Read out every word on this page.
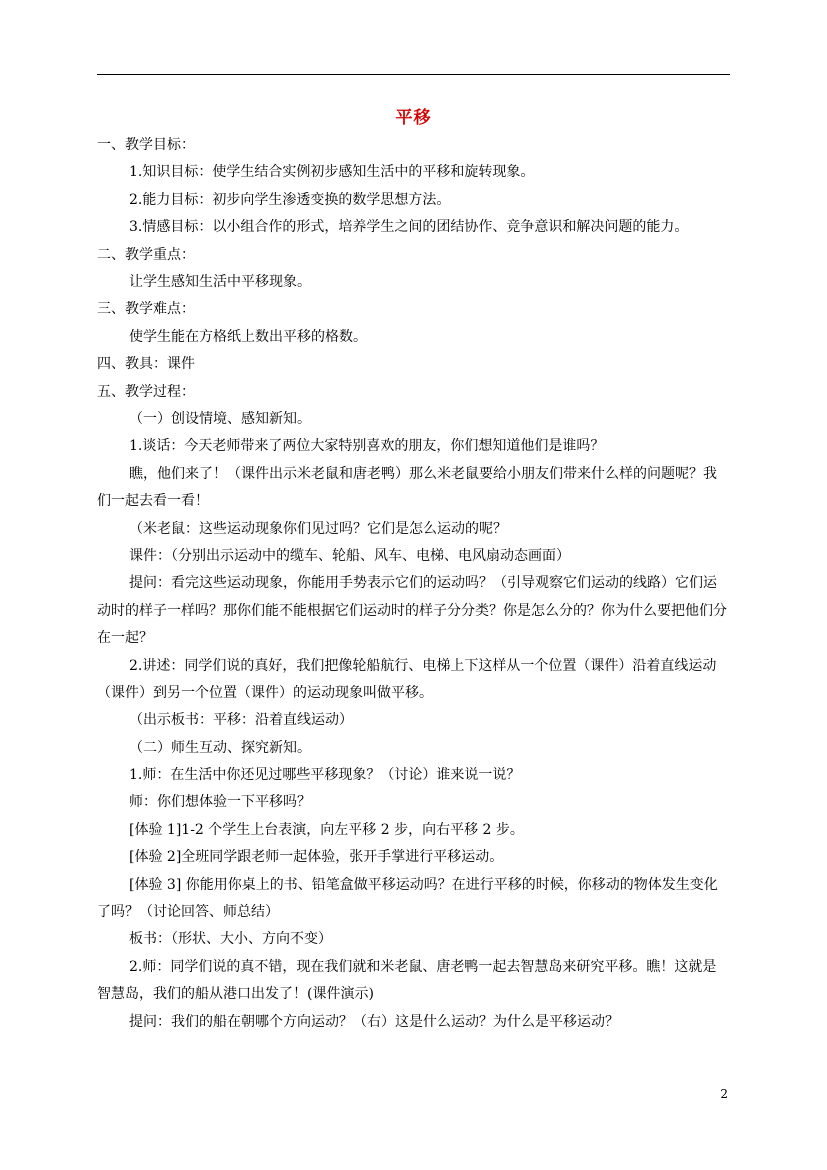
平移
一、教学目标：
1.知识目标：使学生结合实例初步感知生活中的平移和旋转现象。
2.能力目标：初步向学生渗透变换的数学思想方法。
3.情感目标：以小组合作的形式，培养学生之间的团结协作、竞争意识和解决问题的能力。
二、教学重点：
让学生感知生活中平移现象。
三、教学难点：
使学生能在方格纸上数出平移的格数。
四、教具：课件
五、教学过程：
（一）创设情境、感知新知。
1.谈话：今天老师带来了两位大家特别喜欢的朋友，你们想知道他们是谁吗？
瞧，他们来了！（课件出示米老鼠和唐老鸭）那么米老鼠要给小朋友们带来什么样的问题呢？我们一起去看一看！
（米老鼠：这些运动现象你们见过吗？它们是怎么运动的呢？
课件：（分别出示运动中的缆车、轮船、风车、电梯、电风扇动态画面）
提问：看完这些运动现象，你能用手势表示它们的运动吗？（引导观察它们运动的线路）它们运动时的样子一样吗？那你们能不能根据它们运动时的样子分分类？你是怎么分的？你为什么要把他们分在一起？
2.讲述：同学们说的真好，我们把像轮船航行、电梯上下这样从一个位置（课件）沿着直线运动（课件）到另一个位置（课件）的运动现象叫做平移。
（出示板书：平移：沿着直线运动）
（二）师生互动、探究新知。
1.师：在生活中你还见过哪些平移现象？（讨论）谁来说一说？
师：你们想体验一下平移吗？
[体验 1]1-2 个学生上台表演，向左平移 2 步，向右平移 2 步。
[体验 2]全班同学跟老师一起体验，张开手掌进行平移运动。
[体验 3] 你能用你桌上的书、铅笔盒做平移运动吗？在进行平移的时候，你移动的物体发生变化了吗？（讨论回答、师总结）
板书：（形状、大小、方向不变）
2.师：同学们说的真不错，现在我们就和米老鼠、唐老鸭一起去智慧岛来研究平移。瞧！这就是智慧岛，我们的船从港口出发了！(课件演示)
提问：我们的船在朝哪个方向运动？（右）这是什么运动？为什么是平移运动？
2
